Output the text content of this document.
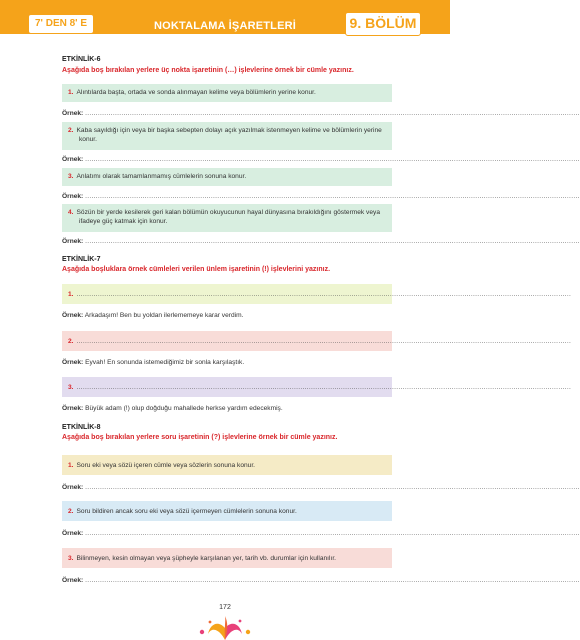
7' DEN 8' E	NOKTALAMA İŞARETLERİ	9. BÖLÜM
ETKİNLİK-6
Aşağıda boş bırakılan yerlere üç nokta işaretinin (…) işlevlerine örnek bir cümle yazınız.
1. Alıntılarda başta, ortada ve sonda alınmayan kelime veya bölümlerin yerine konur.
Örnek: ........................................................................................................................................................................................................................................
2. Kaba sayıldığı için veya bir başka sebepten dolayı açık yazılmak istenmeyen kelime ve bölümlerin yerine konur.
Örnek: ........................................................................................................................................................................................................................................
3. Anlatımı olarak tamamlanmamış cümlelerin sonuna konur.
Örnek: ........................................................................................................................................................................................................................................
4. Sözün bir yerde kesilerek geri kalan bölümün okuyucunun hayal dünyasına bırakıldığını göstermek veya ifadeye güç katmak için konur.
Örnek: ........................................................................................................................................................................................................................................
ETKİNLİK-7
Aşağıda boşluklara örnek cümleleri verilen ünlem işaretinin (!) işlevlerini yazınız.
1. ........................................................................................................................................................................................................................................
Örnek: Arkadaşım! Ben bu yoldan ilerlememeye karar verdim.
2. ........................................................................................................................................................................................................................................
Örnek: Eyvah! En sonunda istemediğimiz bir sonla karşılaştık.
3. ........................................................................................................................................................................................................................................
Örnek: Büyük adam (!) olup doğduğu mahallede herkse yardım edecekmiş.
ETKİNLİK-8
Aşağıda boş bırakılan yerlere soru işaretinin (?) işlevlerine örnek bir cümle yazınız.
1. Soru eki veya sözü içeren cümle veya sözlerin sonuna konur.
Örnek: ........................................................................................................................................................................................................................................
2. Soru bildiren ancak soru eki veya sözü içermeyen cümlelerin sonuna konur.
Örnek: ........................................................................................................................................................................................................................................
3. Bilinmeyen, kesin olmayan veya şüpheyle karşılanan yer, tarih vb. durumlar için kullanılır.
Örnek: ........................................................................................................................................................................................................................................
172
